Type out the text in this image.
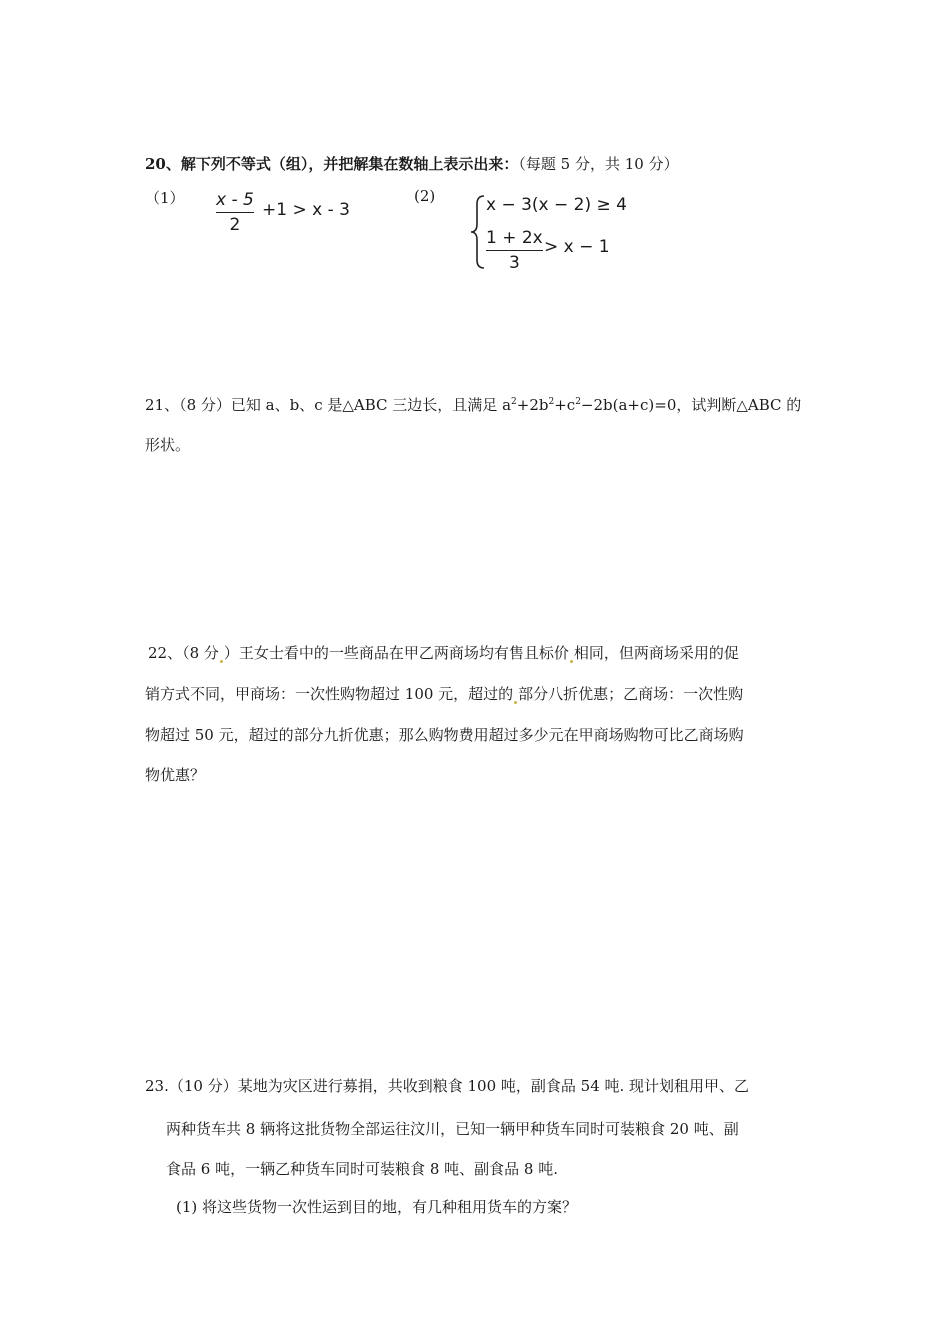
20、解下列不等式（组），并把解集在数轴上表示出来：（每题 5 分，共 10 分）
（1） x - 5
2
+1 > x - 3
(2)	x − 3(x − 2) ≥ 4
1 + 2x
3
> x − 1
21、（8 分）已知 a、b、c 是△ABC 三边长，且满足 $a^2+2b^2+c^2-2b(a+c)=0$，试判断△ABC 的
形状。
22、（8 分 ）王女士看中的一些商品在甲乙两商场均有售且标价 相同，但两商场采用的促
销方式不同，甲商场：一次性购物超过 100 元，超过的 部分八折优惠；乙商场：一次性购
物超过 50 元，超过的部分九折优惠；那么购物费用超过多少元在甲商场购物可比乙商场购
物优惠？
23.（10 分）某地为灾区进行募捐，共收到粮食 100 吨，副食品 54 吨. 现计划租用甲、乙
两种货车共 8 辆将这批货物全部运往汶川，已知一辆甲种货车同时可装粮食 20 吨、副
食品 6 吨，一辆乙种货车同时可装粮食 8 吨、副食品 8 吨.
(1) 将这些货物一次性运到目的地，有几种租用货车的方案？
